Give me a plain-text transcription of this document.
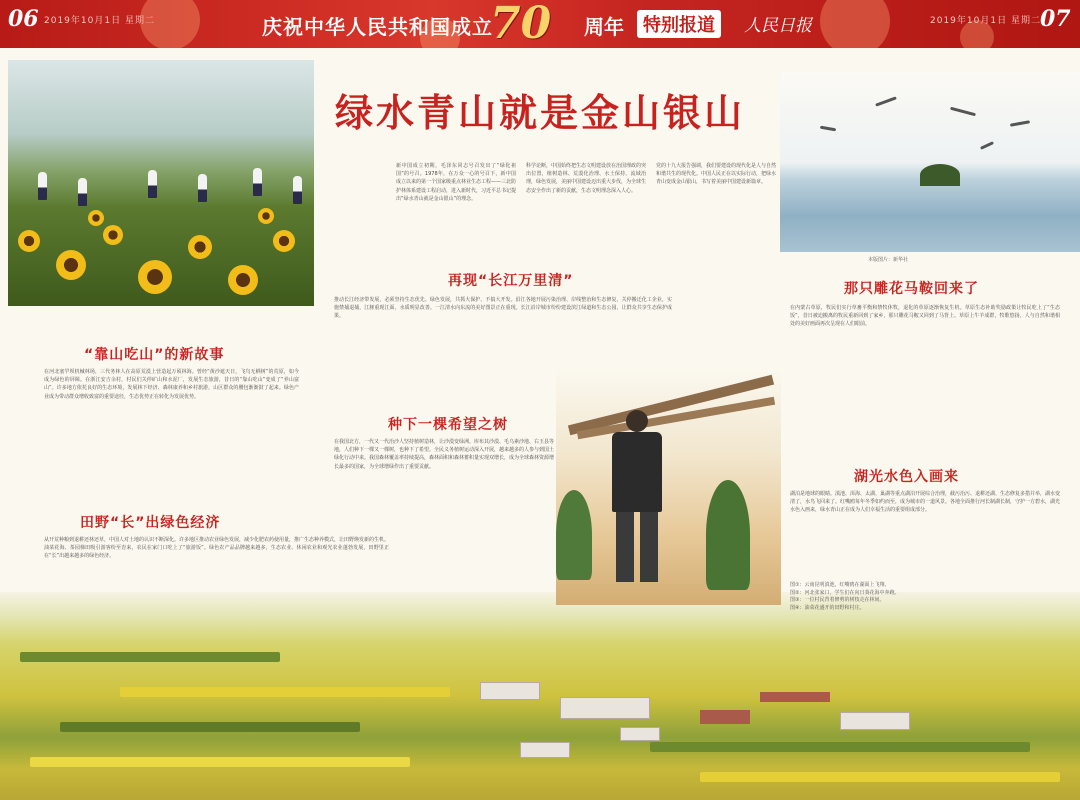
06 2019年10月1日 星期二	庆祝中华人民共和国成立
70	周年	特别报道	人民日报	2019年10月1日 星期二 07
本版图片：新华社
绿水青山就是金山银山
新中国成立初期，毛泽东同志号召发出了“绿化祖国”的号召。1978年，在万众一心的号召下，新中国成立以来的第一个国家级重点林业生态工程——三北防护林体系建设工程启动，进入新时代，习近平总书记提出“绿水青山就是金山银山”的理念。
科学论断，中国始终把生态文明建设放在治国理政的突出位置，植树造林、荒漠化治理、水土保持、流域治理，绿色发展，美丽中国建设迈出重大步伐，为全球生态安全作出了新的贡献，生态文明理念深入人心。
党的十九大报告强调，我们要建设的现代化是人与自然和谐共生的现代化。中国人民正在以实际行动，把绿水青山变成金山银山，书写着美丽中国建设新篇章。
“靠山吃山”的新故事
在河北塞罕坝机械林场，三代务林人在高原荒漠上营造起万顷林海。曾经“黄沙遮天日，飞鸟无栖树”的荒原，如今成为绿色的屏障。在浙江安吉余村，村民们关停矿山和水泥厂，发展生态旅游，昔日的“靠山吃山”变成了“养山富山”。许多地方依托良好的生态环境，发展林下经济、森林康养和乡村旅游，山区群众的腰包渐渐鼓了起来。绿色产业成为带动群众增收致富的重要途径，生态优势正在转化为发展优势。
田野“长”出绿色经济
从开荒种粮到退耕还林还草，中国人对土地的认识不断深化。许多地区推动农业绿色发展，减少化肥农药使用量，推广生态种养模式，让田野焕发新的生机。油菜花海、茶园梯田吸引游客纷至沓来，农民在家门口吃上了“旅游饭”。绿色农产品品牌越来越多，生态农业、休闲农业和观光农业蓬勃发展，田野里正在“长”出越来越多的绿色经济。
再现“长江万里清”
推动长江经济带发展，必须坚持生态优先、绿色发展，共抓大保护、不搞大开发。沿江各地开展污染治理、岸线整治和生态修复，关停搬迁化工企业，实施禁捕退捕，江豚重现江面，水质明显改善。一江清水向东流的美好图景正在重现。长江沿岸城市纷纷建设滨江绿道和生态公园，让群众共享生态保护成果。
种下一棵希望之树
在我国北方，一代又一代治沙人坚持植树造林，让沙漠变绿洲。库布其沙漠、毛乌素沙地、右玉县等地，人们种下一棵又一棵树，也种下了希望。全民义务植树运动深入开展，越来越多的人参与到国土绿化行动中来。我国森林覆盖率持续提高，森林面积和森林蓄积量实现双增长，成为全球森林资源增长最多的国家，为全球增绿作出了重要贡献。
那只雕花马鞍回来了
在内蒙古草原，牧民们实行草畜平衡和禁牧休牧，退化的草原逐渐恢复生机。草原生态补助奖励政策让牧民吃上了“生态饭”，昔日被迫搬离的牧民重新回到了家乡，那只雕花马鞍又回到了马背上。草原上牛羊成群，牧歌悠扬，人与自然和谐相处的美好画面再次呈现在人们眼前。
湖光水色入画来
湖泊是地球的眼睛。滇池、洱海、太湖、巢湖等重点湖泊开展综合治理，截污治污、退耕还湖、生态修复多措并举，湖水变清了，水鸟飞回来了。红嘴鸥每年冬季如约而至，成为城市的一道风景。各地全面推行河长制湖长制，守护一方碧水，湖光水色入画来，绿水青山正在成为人们幸福生活的重要组成部分。
图①：云南昆明滇池，红嘴鸥在湖面上飞翔。
图②：河北张家口，学生们在向日葵花海中奔跑。
图③：一位村民背着修剪的树枝走在林间。
图④：油菜花盛开的田野和村庄。
